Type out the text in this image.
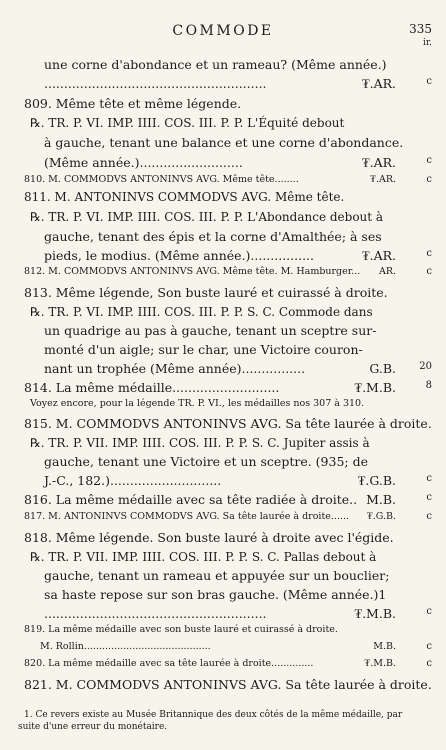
COMMODE	335
ir.
une corne d'abondance et un rameau? (Même année.)
........................................................	₮.AR.	c
809. Même tête et même légende.
℞. TR. P. VI. IMP. IIII. COS. III. P. P. L'Équité debout
à gauche, tenant une balance et une corne d'abondance.
(Même année.)..........................	₮.AR.	c
810. M. COMMODVS ANTONINVS AVG. Même tête........	₮.AR.	c
811. M. ANTONINVS COMMODVS AVG. Même tête.
℞. TR. P. VI. IMP. IIII. COS. III. P. P. L'Abondance debout à
gauche, tenant des épis et la corne d'Amalthée; à ses
pieds, le modius. (Même année.)................	₮.AR.	c
812. M. COMMODVS ANTONINVS AVG. Même tête. M. Hamburger... AR.	c
813. Même légende, Son buste lauré et cuirassé à droite.
℞. TR. P. VI. IMP. IIII. COS. III. P. P. S. C. Commode dans
un quadrige au pas à gauche, tenant un sceptre sur-
monté d'un aigle; sur le char, une Victoire couron-
nant un trophée (Même année)................	G.B. 20
814. La même médaille...........................	₮.M.B.	8
Voyez encore, pour la légende TR. P. VI., les médailles nos 307 à 310.
815. M. COMMODVS ANTONINVS AVG. Sa tête laurée à droite.
℞. TR. P. VII. IMP. IIII. COS. III. P. P. S. C. Jupiter assis à
gauche, tenant une Victoire et un sceptre. (935; de
J.-C., 182.)............................	₮.G.B.	c
816. La même médaille avec sa tête radiée à droite.. M.B.	c
817. M. ANTONINVS COMMODVS AVG. Sa tête laurée à droite...... ₮.G.B.	c
818. Même légende. Son buste lauré à droite avec l'égide.
℞. TR. P. VII. IMP. IIII. COS. III. P. P. S. C. Pallas debout à
gauche, tenant un rameau et appuyée sur un bouclier;
sa haste repose sur son bras gauche. (Même année.)1
........................................................	₮.M.B.	c
819. La même médaille avec son buste lauré et cuirassé à droite.
M. Rollin..........................................	M.B.	c
820. La même médaille avec sa tête laurée à droite..............	₮.M.B.	c
821. M. COMMODVS ANTONINVS AVG. Sa tête laurée à droite.
1. Ce revers existe au Musée Britannique des deux côtés de la même médaille, par
suite d'une erreur du monétaire.
